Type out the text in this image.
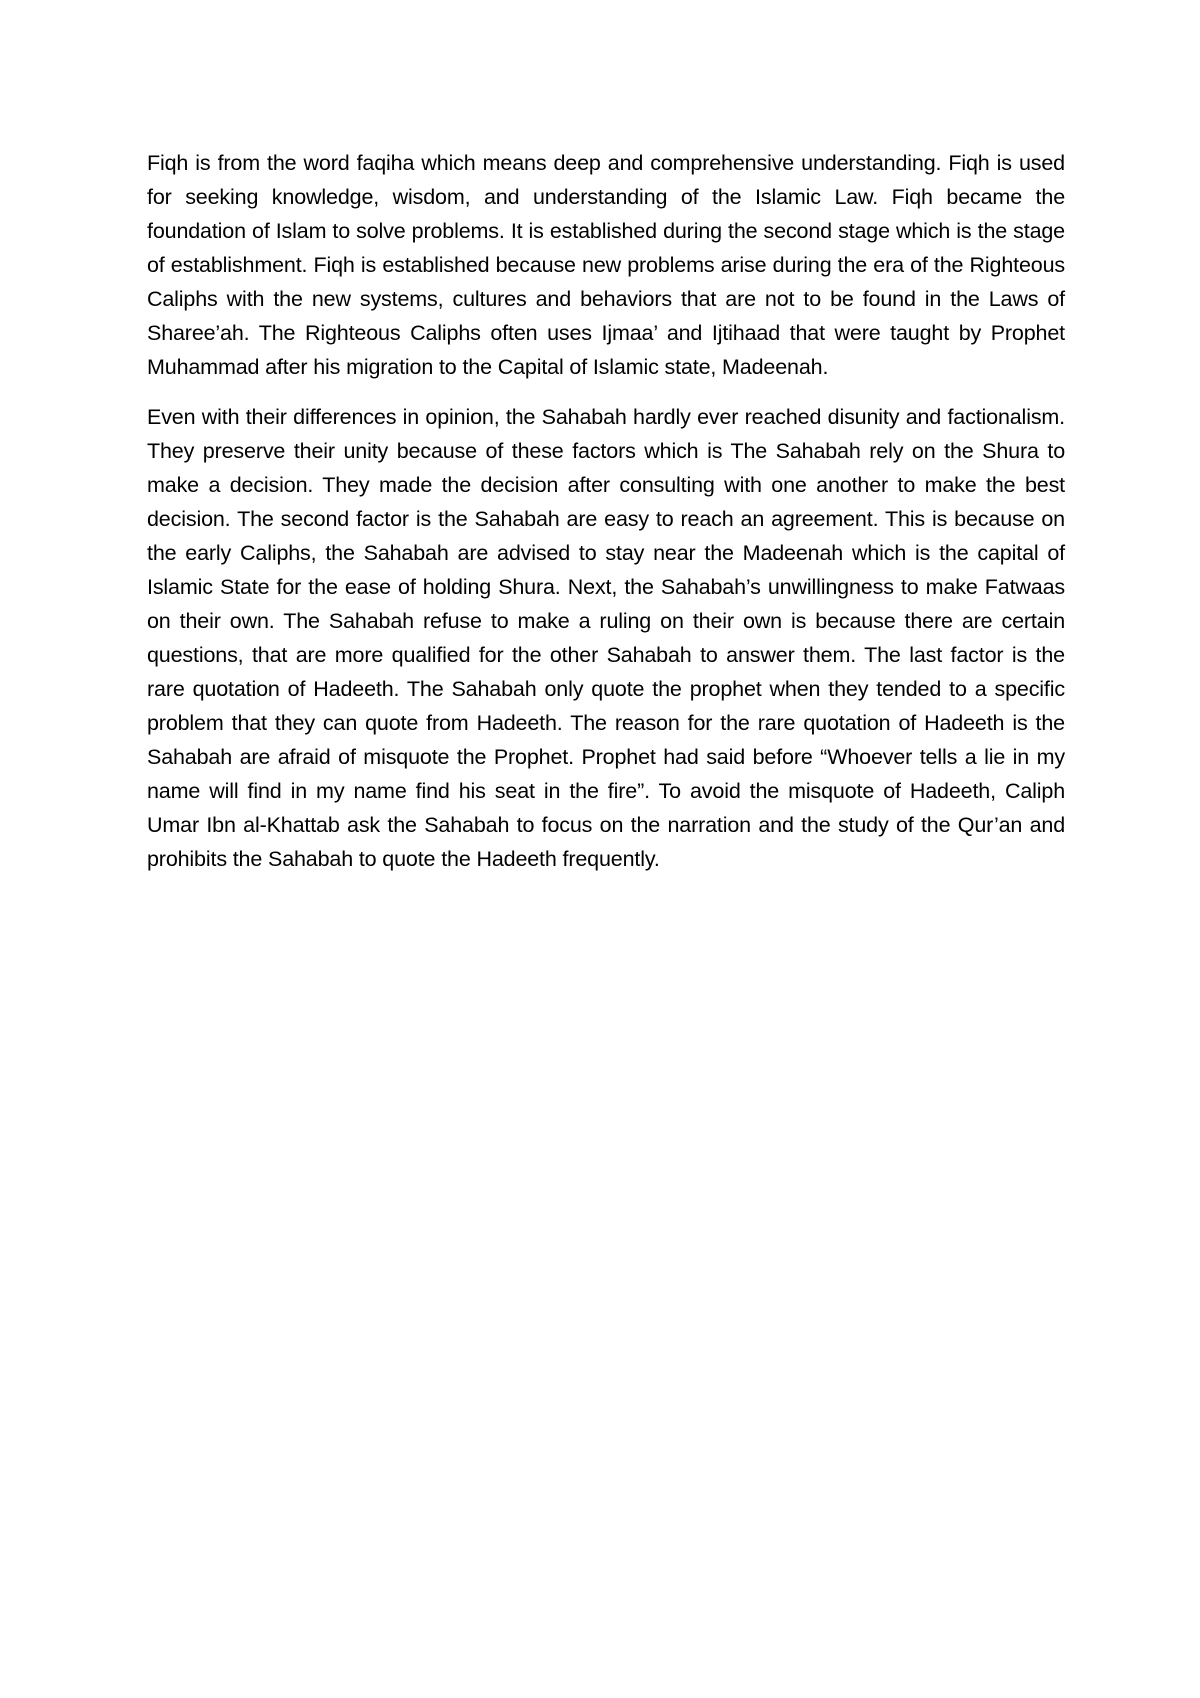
Fiqh is from the word faqiha which means deep and comprehensive understanding. Fiqh is used for seeking knowledge, wisdom, and understanding of the Islamic Law. Fiqh became the foundation of Islam to solve problems. It is established during the second stage which is the stage of establishment. Fiqh is established because new problems arise during the era of the Righteous Caliphs with the new systems, cultures and behaviors that are not to be found in the Laws of Sharee’ah. The Righteous Caliphs often uses Ijmaa’ and Ijtihaad that were taught by Prophet Muhammad after his migration to the Capital of Islamic state, Madeenah.

Even with their differences in opinion, the Sahabah hardly ever reached disunity and factionalism. They preserve their unity because of these factors which is The Sahabah rely on the Shura to make a decision. They made the decision after consulting with one another to make the best decision. The second factor is the Sahabah are easy to reach an agreement. This is because on the early Caliphs, the Sahabah are advised to stay near the Madeenah which is the capital of Islamic State for the ease of holding Shura. Next, the Sahabah’s unwillingness to make Fatwaas on their own. The Sahabah refuse to make a ruling on their own is because there are certain questions, that are more qualified for the other Sahabah to answer them. The last factor is the rare quotation of Hadeeth. The Sahabah only quote the prophet when they tended to a specific problem that they can quote from Hadeeth. The reason for the rare quotation of Hadeeth is the Sahabah are afraid of misquote the Prophet. Prophet had said before “Whoever tells a lie in my name will find in my name find his seat in the fire”. To avoid the misquote of Hadeeth, Caliph Umar Ibn al-Khattab ask the Sahabah to focus on the narration and the study of the Qur’an and prohibits the Sahabah to quote the Hadeeth frequently.
